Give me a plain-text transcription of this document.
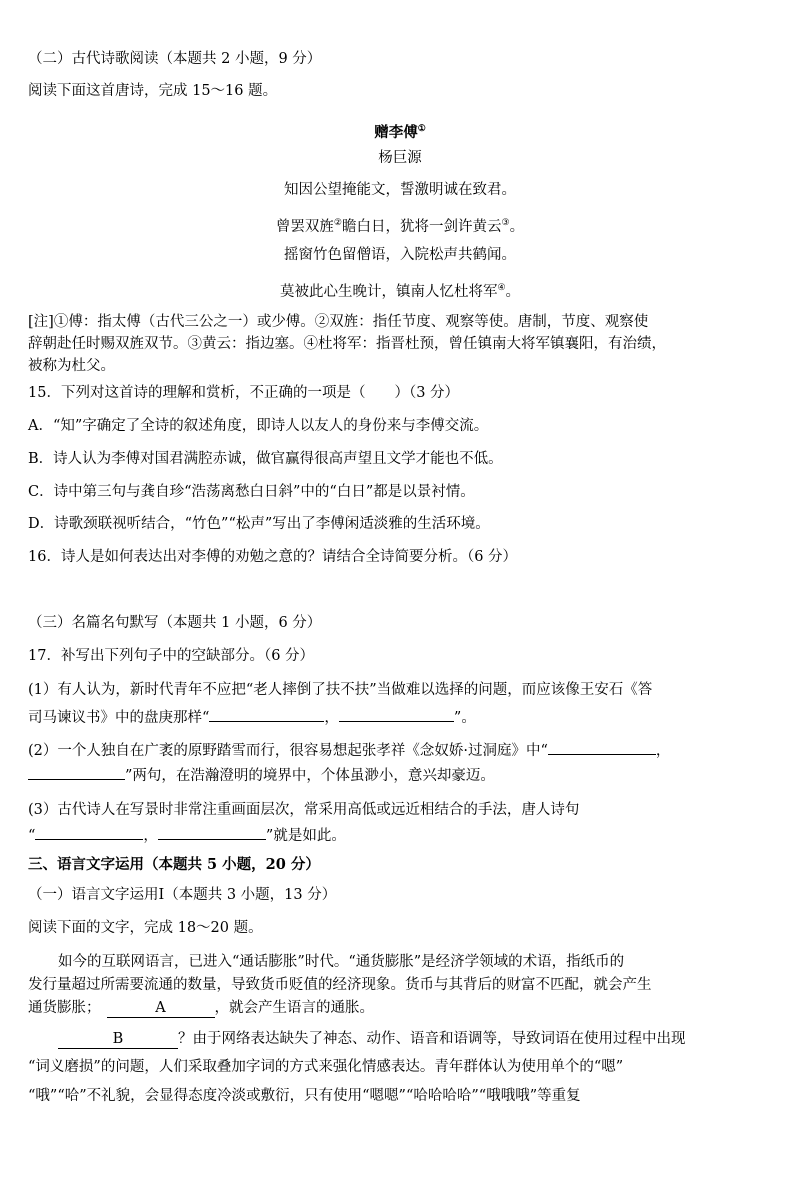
（二）古代诗歌阅读（本题共 2 小题，9 分）
阅读下面这首唐诗，完成 15～16 题。
赠李傅①
杨巨源
知因公望掩能文，誓激明诚在致君。
曾罢双旌②瞻白日，犹将一剑许黄云③。
摇窗竹色留僧语，入院松声共鹤闻。
莫被此心生晚计，镇南人忆杜将军④。
[注]①傅：指太傅（古代三公之一）或少傅。②双旌：指任节度、观察等使。唐制，节度、观察使
辞朝赴任时赐双旌双节。③黄云：指边塞。④杜将军：指晋杜预，曾任镇南大将军镇襄阳，有治绩，
被称为杜父。
15．下列对这首诗的理解和赏析，不正确的一项是（　　）（3 分）
A．“知”字确定了全诗的叙述角度，即诗人以友人的身份来与李傅交流。
B．诗人认为李傅对国君满腔赤诚，做官赢得很高声望且文学才能也不低。
C．诗中第三句与龚自珍“浩荡离愁白日斜”中的“白日”都是以景衬情。
D．诗歌颈联视听结合，“竹色”“松声”写出了李傅闲适淡雅的生活环境。
16．诗人是如何表达出对李傅的劝勉之意的？请结合全诗简要分析。（6 分）
（三）名篇名句默写（本题共 1 小题，6 分）
17．补写出下列句子中的空缺部分。（6 分）
(1）有人认为，新时代青年不应把“老人摔倒了扶不扶”当做难以选择的问题，而应该像王安石《答
司马谏议书》中的盘庚那样“	，	”。
(2）一个人独自在广袤的原野踏雪而行，很容易想起张孝祥《念奴娇·过洞庭》中“	，
”两句，在浩瀚澄明的境界中，个体虽渺小，意兴却豪迈。
(3）古代诗人在写景时非常注重画面层次，常采用高低或远近相结合的手法，唐人诗句
“	，	”就是如此。
三、语言文字运用（本题共 5 小题，20 分）
（一）语言文字运用Ⅰ（本题共 3 小题，13 分）
阅读下面的文字，完成 18～20 题。
如今的互联网语言，已进入“通话膨胀”时代。“通货膨胀”是经济学领域的术语，指纸币的
发行量超过所需要流通的数量，导致货币贬值的经济现象。货币与其背后的财富不匹配，就会产生
通货膨胀；	A	，就会产生语言的通胀。
B	？由于网络表达缺失了神态、动作、语音和语调等，导致词语在使用过程中出现
“词义磨损”的问题，人们采取叠加字词的方式来强化情感表达。青年群体认为使用单个的“嗯”
“哦”“哈”不礼貌，会显得态度冷淡或敷衍，只有使用“嗯嗯”“哈哈哈哈”“哦哦哦”等重复
